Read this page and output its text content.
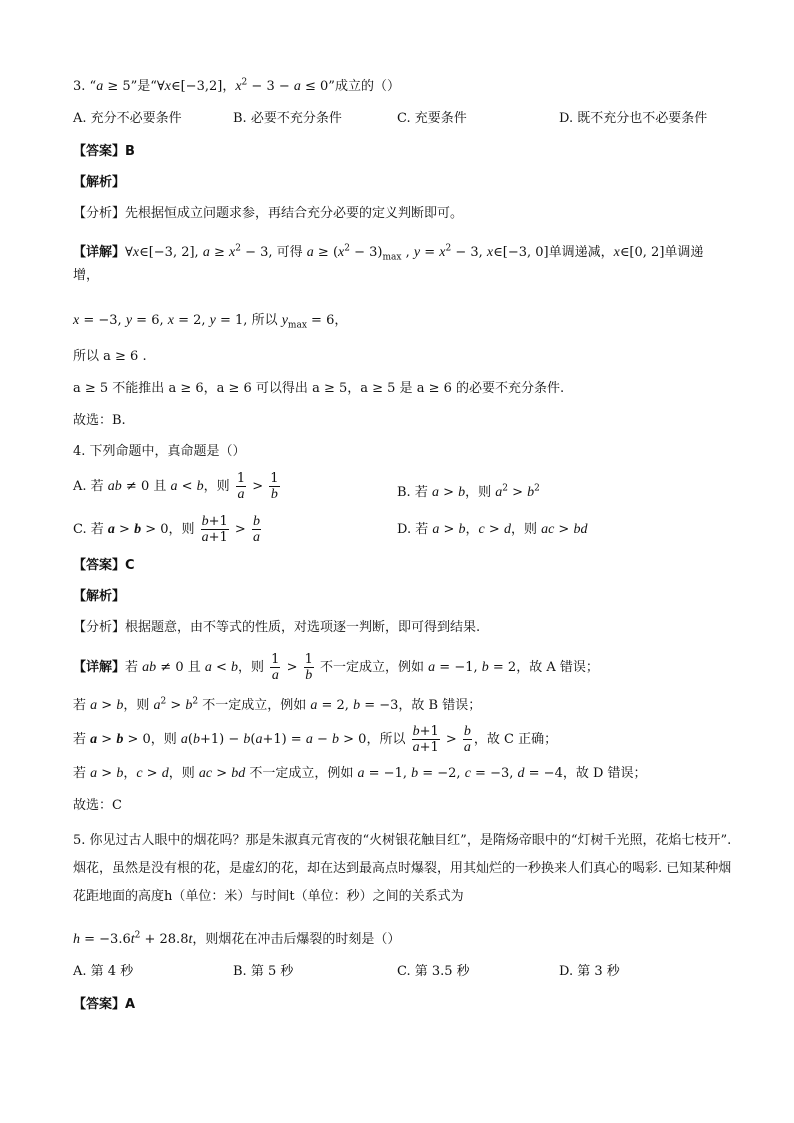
3. “a ≥ 5”是“∀x∈[−3,2]，$x^2 - 3 - a \le 0$”成立的（）
A. 充分不必要条件	B. 必要不充分条件	C. 充要条件	D. 既不充分也不必要条件
【答案】B
【解析】
【分析】先根据恒成立问题求参，再结合充分必要的定义判断即可。
【详解】∀x∈[−3, 2], $a \ge x^2 - 3$, 可得 $a \ge (x^2 - 3)_{max}$ , $y = x^2 - 3$, x∈[−3, 0]单调递减，x∈[0, 2]单调递
增，
x = −3, y = 6, x = 2, y = 1, 所以 $y_{max} = 6$，
所以 a ≥ 6 .
a ≥ 5 不能推出 a ≥ 6，a ≥ 6 可以得出 a ≥ 5，a ≥ 5 是 a ≥ 6 的必要不充分条件.
故选：B.
4. 下列命题中，真命题是（）
A. 若 ab ≠ 0 且 a < b，则 $\frac{1}{a} > \frac{1}{b}$	B. 若 a > b，则 $a^2 > b^2$
C. 若 a > b > 0，则 $\frac{b+1}{a+1} > \frac{b}{a}$	D. 若 a > b，c > d，则 ac > bd
【答案】C
【解析】
【分析】根据题意，由不等式的性质，对选项逐一判断，即可得到结果.
【详解】若 ab ≠ 0 且 a < b，则 $\frac{1}{a} > \frac{1}{b}$ 不一定成立，例如 a = −1, b = 2，故 A 错误；
若 a > b，则 $a^2 > b^2$ 不一定成立，例如 a = 2, b = −3，故 B 错误；
若 a > b > 0，则 a(b+1) − b(a+1) = a − b > 0，所以 $\frac{b+1}{a+1} > \frac{b}{a}$ ，故 C 正确；
若 a > b，c > d，则 ac > bd 不一定成立，例如 a = −1, b = −2, c = −3, d = −4，故 D 错误；
故选：C
5. 你见过古人眼中的烟花吗？那是朱淑真元宵夜的“火树银花触目红”，是隋炀帝眼中的“灯树千光照，花焰七枝开”. 烟花，虽然是没有根的花，是虚幻的花，却在达到最高点时爆裂，用其灿烂的一秒换来人们真心的喝彩. 已知某种烟花距地面的高度h（单位：米）与时间t（单位：秒）之间的关系式为
$h = -3.6t^2 + 28.8t$，则烟花在冲击后爆裂的时刻是（）
A. 第 4 秒	B. 第 5 秒	C. 第 3.5 秒	D. 第 3 秒
【答案】A
